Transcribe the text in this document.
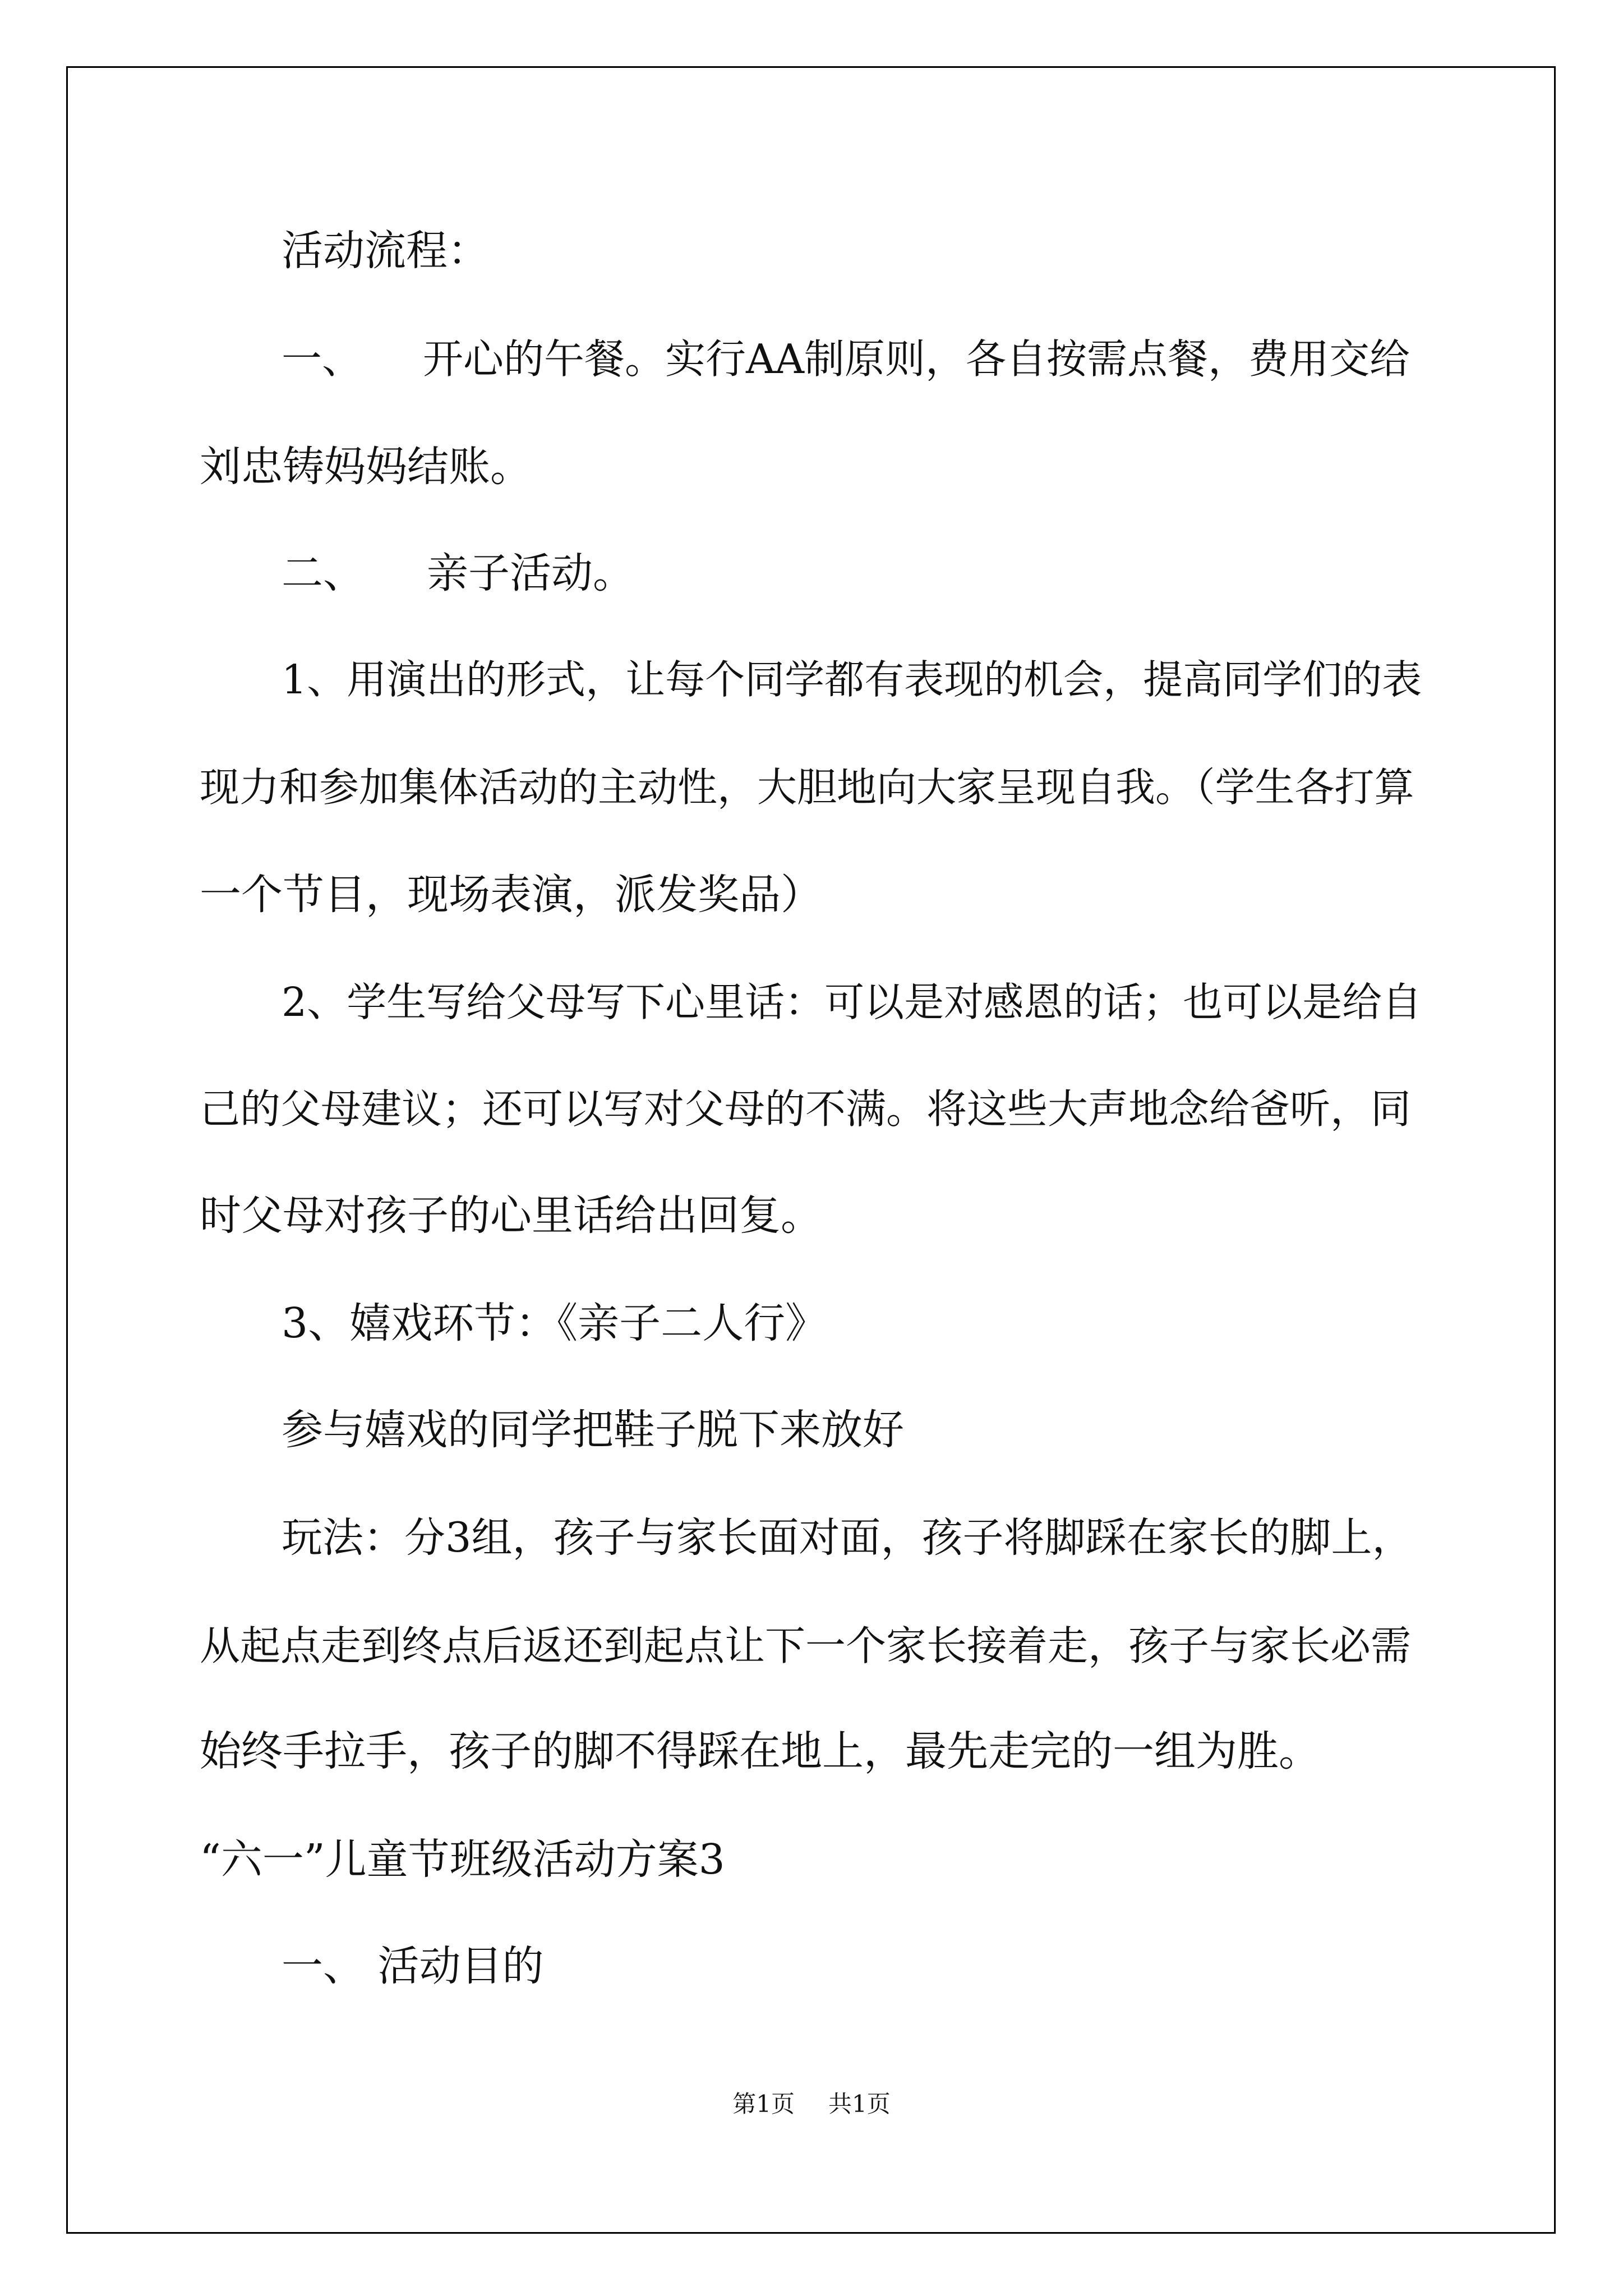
活动流程：
一、　　开心的午餐。实行AA制原则，各自按需点餐，费用交给
刘忠铸妈妈结账。
二、　　亲子活动。
1、用演出的形式，让每个同学都有表现的机会，提高同学们的表
现力和参加集体活动的主动性，大胆地向大家呈现自我。（学生各打算
一个节目，现场表演，派发奖品）
2、学生写给父母写下心里话：可以是对感恩的话；也可以是给自
己的父母建议；还可以写对父母的不满。将这些大声地念给爸听，同
时父母对孩子的心里话给出回复。
3、嬉戏环节：《亲子二人行》
参与嬉戏的同学把鞋子脱下来放好
玩法：分3组，孩子与家长面对面，孩子将脚踩在家长的脚上，
从起点走到终点后返还到起点让下一个家长接着走，孩子与家长必需
始终手拉手，孩子的脚不得踩在地上，最先走完的一组为胜。
“六一”儿童节班级活动方案3
一、 活动目的
第1页 共1页
